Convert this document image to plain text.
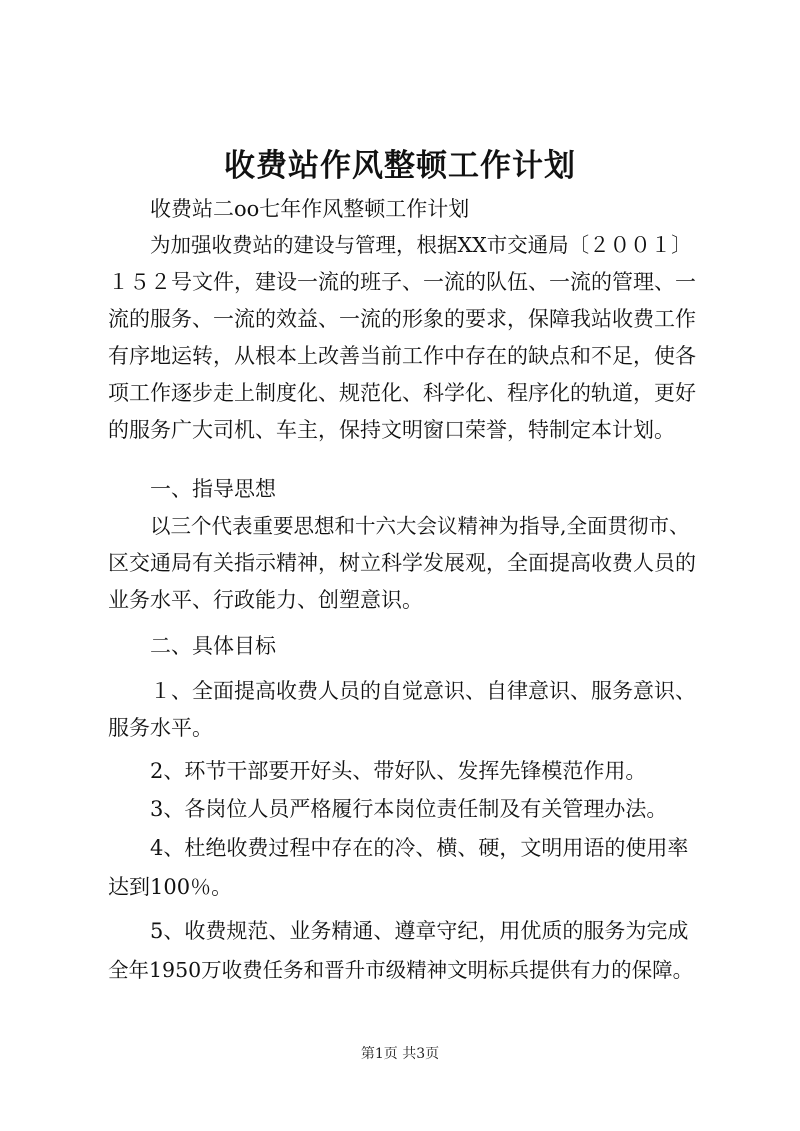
收费站作风整顿工作计划
收费站二oo七年作风整顿工作计划
为加强收费站的建设与管理，根据XX市交通局〔２００１〕
１５２号文件，建设一流的班子、一流的队伍、一流的管理、一
流的服务、一流的效益、一流的形象的要求，保障我站收费工作
有序地运转，从根本上改善当前工作中存在的缺点和不足，使各
项工作逐步走上制度化、规范化、科学化、程序化的轨道，更好
的服务广大司机、车主，保持文明窗口荣誉，特制定本计划。
一、指导思想
以三个代表重要思想和十六大会议精神为指导,全面贯彻市、
区交通局有关指示精神，树立科学发展观，全面提高收费人员的
业务水平、行政能力、创塑意识。
二、具体目标
１、全面提高收费人员的自觉意识、自律意识、服务意识、
服务水平。
2、环节干部要开好头、带好队、发挥先锋模范作用。
3、各岗位人员严格履行本岗位责任制及有关管理办法。
4、杜绝收费过程中存在的冷、横、硬，文明用语的使用率
达到100％。
5、收费规范、业务精通、遵章守纪，用优质的服务为完成
全年1950万收费任务和晋升市级精神文明标兵提供有力的保障。
第1页 共3页
